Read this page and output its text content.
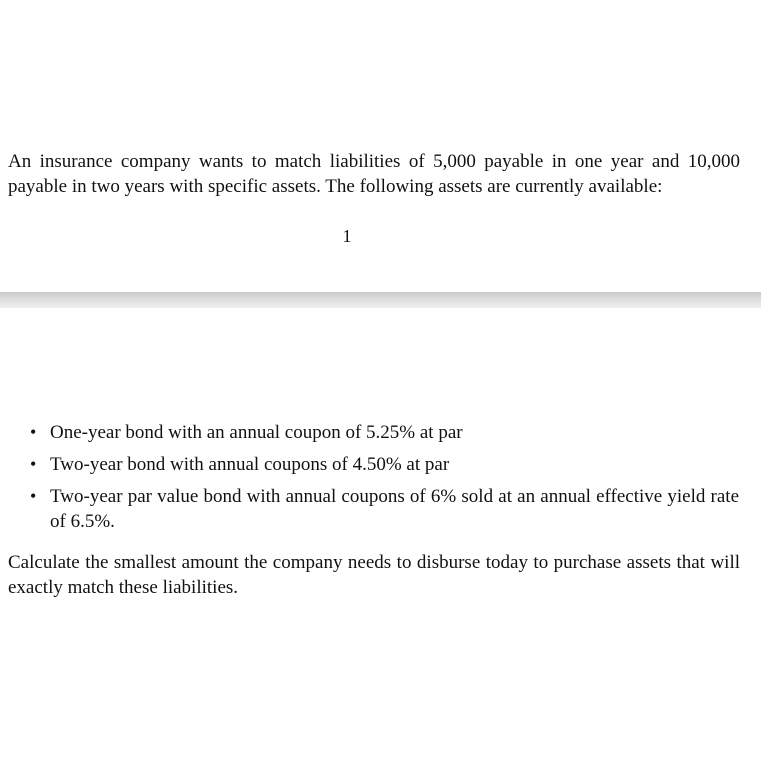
An insurance company wants to match liabilities of 5,000 payable in one year and 10,000 payable in two years with specific assets. The following assets are currently available:

1
• One-year bond with an annual coupon of 5.25% at par
• Two-year bond with annual coupons of 4.50% at par
• Two-year par value bond with annual coupons of 6% sold at an annual effective yield rate of 6.5%.

Calculate the smallest amount the company needs to disburse today to purchase assets that will exactly match these liabilities.
